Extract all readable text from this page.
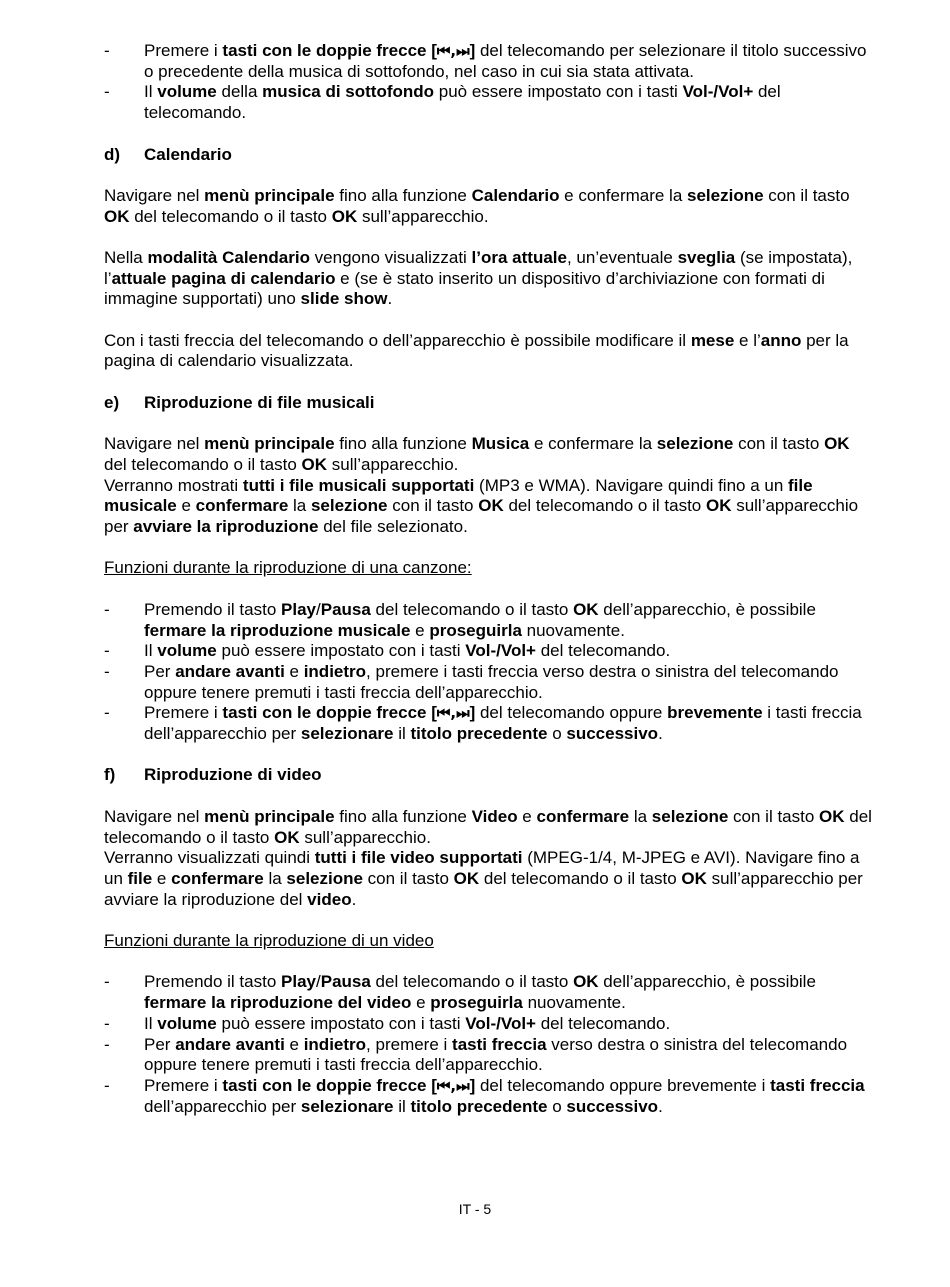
- Premere i tasti con le doppie frecce [⏮,⏭] del telecomando per selezionare il titolo successivo o precedente della musica di sottofondo, nel caso in cui sia stata attivata.
- Il volume della musica di sottofondo può essere impostato con i tasti Vol-/Vol+ del telecomando.
d) Calendario

Navigare nel menù principale fino alla funzione Calendario e confermare la selezione con il tasto OK del telecomando o il tasto OK sull’apparecchio.

Nella modalità Calendario vengono visualizzati l’ora attuale, un’eventuale sveglia (se impostata), l’attuale pagina di calendario e (se è stato inserito un dispositivo d’archiviazione con formati di immagine supportati) uno slide show.

Con i tasti freccia del telecomando o dell’apparecchio è possibile modificare il mese e l’anno per la pagina di calendario visualizzata.

e) Riproduzione di file musicali

Navigare nel menù principale fino alla funzione Musica e confermare la selezione con il tasto OK del telecomando o il tasto OK sull’apparecchio.

Verranno mostrati tutti i file musicali supportati (MP3 e WMA). Navigare quindi fino a un file musicale e confermare la selezione con il tasto OK del telecomando o il tasto OK sull’apparecchio per avviare la riproduzione del file selezionato.

Funzioni durante la riproduzione di una canzone:
- Premendo il tasto Play/Pausa del telecomando o il tasto OK dell’apparecchio, è possibile fermare la riproduzione musicale e proseguirla nuovamente.
- Il volume può essere impostato con i tasti Vol-/Vol+ del telecomando.
- Per andare avanti e indietro, premere i tasti freccia verso destra o sinistra del telecomando oppure tenere premuti i tasti freccia dell’apparecchio.
- Premere i tasti con le doppie frecce [⏮,⏭] del telecomando oppure brevemente i tasti freccia dell’apparecchio per selezionare il titolo precedente o successivo.
f) Riproduzione di video

Navigare nel menù principale fino alla funzione Video e confermare la selezione con il tasto OK del telecomando o il tasto OK sull’apparecchio.

Verranno visualizzati quindi tutti i file video supportati (MPEG-1/4, M-JPEG e AVI). Navigare fino a un file e confermare la selezione con il tasto OK del telecomando o il tasto OK sull’apparecchio per avviare la riproduzione del video.

Funzioni durante la riproduzione di un video
- Premendo il tasto Play/Pausa del telecomando o il tasto OK dell’apparecchio, è possibile fermare la riproduzione del video e proseguirla nuovamente.
- Il volume può essere impostato con i tasti Vol-/Vol+ del telecomando.
- Per andare avanti e indietro, premere i tasti freccia verso destra o sinistra del telecomando oppure tenere premuti i tasti freccia dell’apparecchio.
- Premere i tasti con le doppie frecce [⏮,⏭] del telecomando oppure brevemente i tasti freccia dell’apparecchio per selezionare il titolo precedente o successivo.
IT - 5
